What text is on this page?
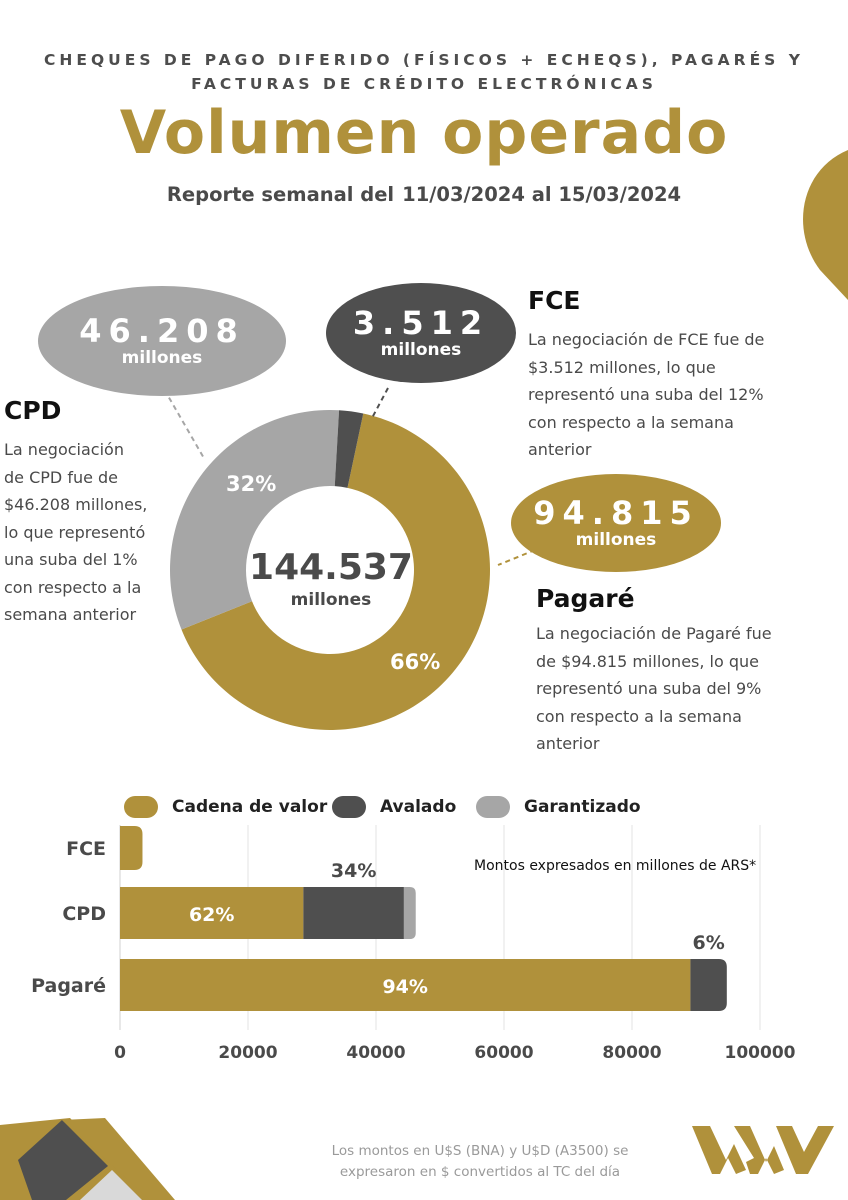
CHEQUES DE PAGO DIFERIDO (FÍSICOS + ECHEQS), PAGARÉS Y
FACTURAS DE CRÉDITO ELECTRÓNICAS
Volumen operado
Reporte semanal del 11/03/2024 al 15/03/2024
144.537
millones
32%
66%
46.208
millones
3.512
millones
94.815
millones
CPD
La negociación
de CPD fue de
$46.208 millones,
lo que representó
una suba del 1%
con respecto a la
semana anterior
FCE
La negociación de FCE fue de
$3.512 millones, lo que
representó una suba del 12%
con respecto a la semana
anterior
Pagaré
La negociación de Pagaré fue
de $94.815 millones, lo que
representó una suba del 9%
con respecto a la semana
anterior
Cadena de valor	Avalado	Garantizado
0	20000	40000	60000	80000	100000
FCE
CPD	62%
34%
Pagaré	94%
6%
Montos expresados en millones de ARS*
Los montos en U$S (BNA) y U$D (A3500) se
expresaron en $ convertidos al TC del día
